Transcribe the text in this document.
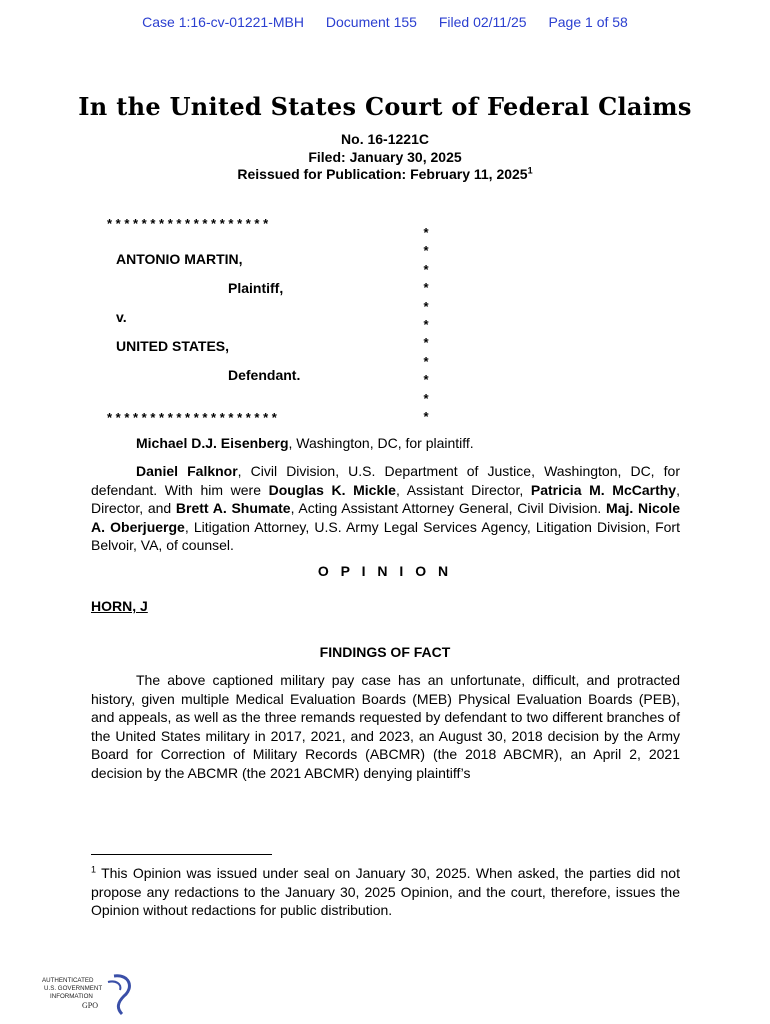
Case 1:16-cv-01221-MBH Document 155 Filed 02/11/25 Page 1 of 58
In the United States Court of Federal Claims
No. 16-1221C
Filed: January 30, 2025
Reissued for Publication: February 11, 2025$^1$
* * * * * * * * * * * * * * * * * * *
*
*
*
*
*
*
*
*
*
*
*
ANTONIO MARTIN,
Plaintiff,
v.
UNITED STATES,
Defendant.
* * * * * * * * * * * * * * * * * * * *
Michael D.J. Eisenberg, Washington, DC, for plaintiff.
Daniel Falknor, Civil Division, U.S. Department of Justice, Washington, DC, for defendant. With him were Douglas K. Mickle, Assistant Director, Patricia M. McCarthy, Director, and Brett A. Shumate, Acting Assistant Attorney General, Civil Division. Maj. Nicole A. Oberjuerge, Litigation Attorney, U.S. Army Legal Services Agency, Litigation Division, Fort Belvoir, VA, of counsel.
O P I N I O N
HORN, J
FINDINGS OF FACT
The above captioned military pay case has an unfortunate, difficult, and protracted history, given multiple Medical Evaluation Boards (MEB) Physical Evaluation Boards (PEB), and appeals, as well as the three remands requested by defendant to two different branches of the United States military in 2017, 2021, and 2023, an August 30, 2018 decision by the Army Board for Correction of Military Records (ABCMR) (the 2018 ABCMR), an April 2, 2021 decision by the ABCMR (the 2021 ABCMR) denying plaintiff’s
$^1$ This Opinion was issued under seal on January 30, 2025. When asked, the parties did not propose any redactions to the January 30, 2025 Opinion, and the court, therefore, issues the Opinion without redactions for public distribution.
AUTHENTICATED
U.S. GOVERNMENT
INFORMATION
GPO
